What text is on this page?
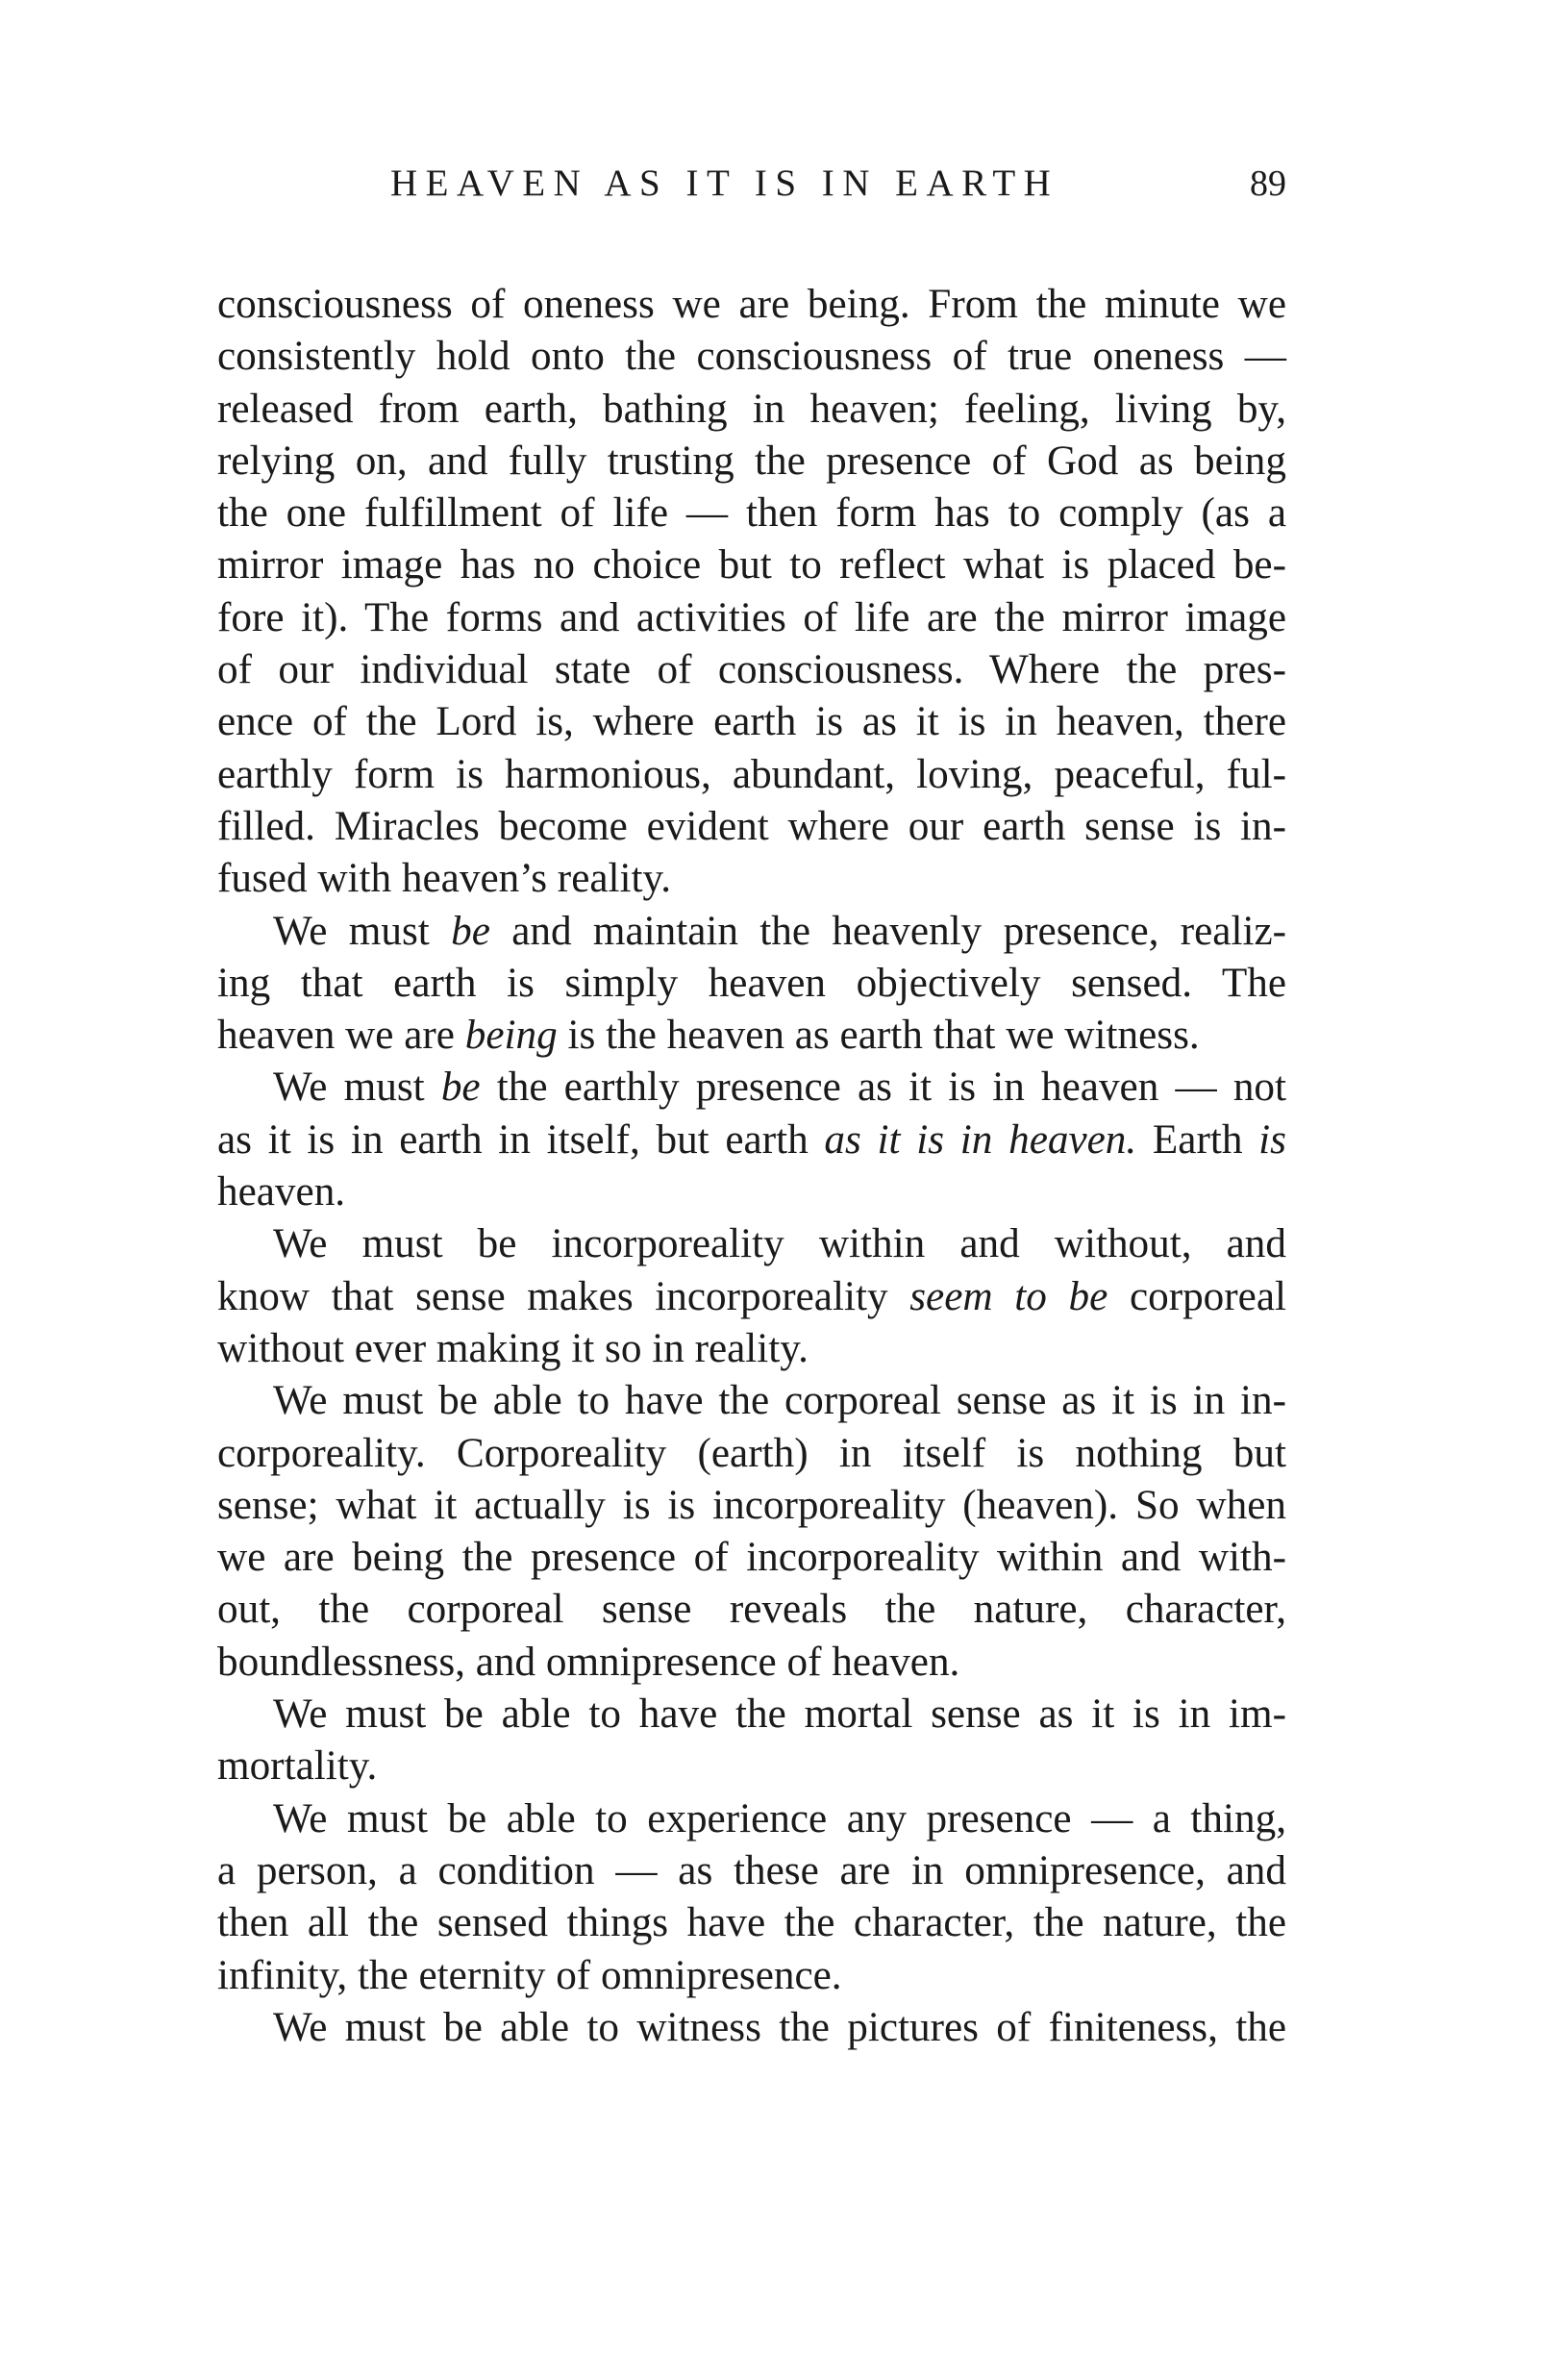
HEAVEN AS IT IS IN EARTH	89
consciousness of oneness we are being. From the minute we
consistently hold onto the consciousness of true oneness —
released from earth, bathing in heaven; feeling, living by,
relying on, and fully trusting the presence of God as being
the one fulfillment of life — then form has to comply (as a
mirror image has no choice but to reflect what is placed be-
fore it). The forms and activities of life are the mirror image
of our individual state of consciousness. Where the pres-
ence of the Lord is, where earth is as it is in heaven, there
earthly form is harmonious, abundant, loving, peaceful, ful-
filled. Miracles become evident where our earth sense is in-
fused with heaven’s reality.
We must be and maintain the heavenly presence, realiz-
ing that earth is simply heaven objectively sensed. The
heaven we are being is the heaven as earth that we witness.
We must be the earthly presence as it is in heaven — not
as it is in earth in itself, but earth as it is in heaven. Earth is
heaven.
We must be incorporeality within and without, and
know that sense makes incorporeality seem to be corporeal
without ever making it so in reality.
We must be able to have the corporeal sense as it is in in-
corporeality. Corporeality (earth) in itself is nothing but
sense; what it actually is is incorporeality (heaven). So when
we are being the presence of incorporeality within and with-
out, the corporeal sense reveals the nature, character,
boundlessness, and omnipresence of heaven.
We must be able to have the mortal sense as it is in im-
mortality.
We must be able to experience any presence — a thing,
a person, a condition — as these are in omnipresence, and
then all the sensed things have the character, the nature, the
infinity, the eternity of omnipresence.
We must be able to witness the pictures of finiteness, the
